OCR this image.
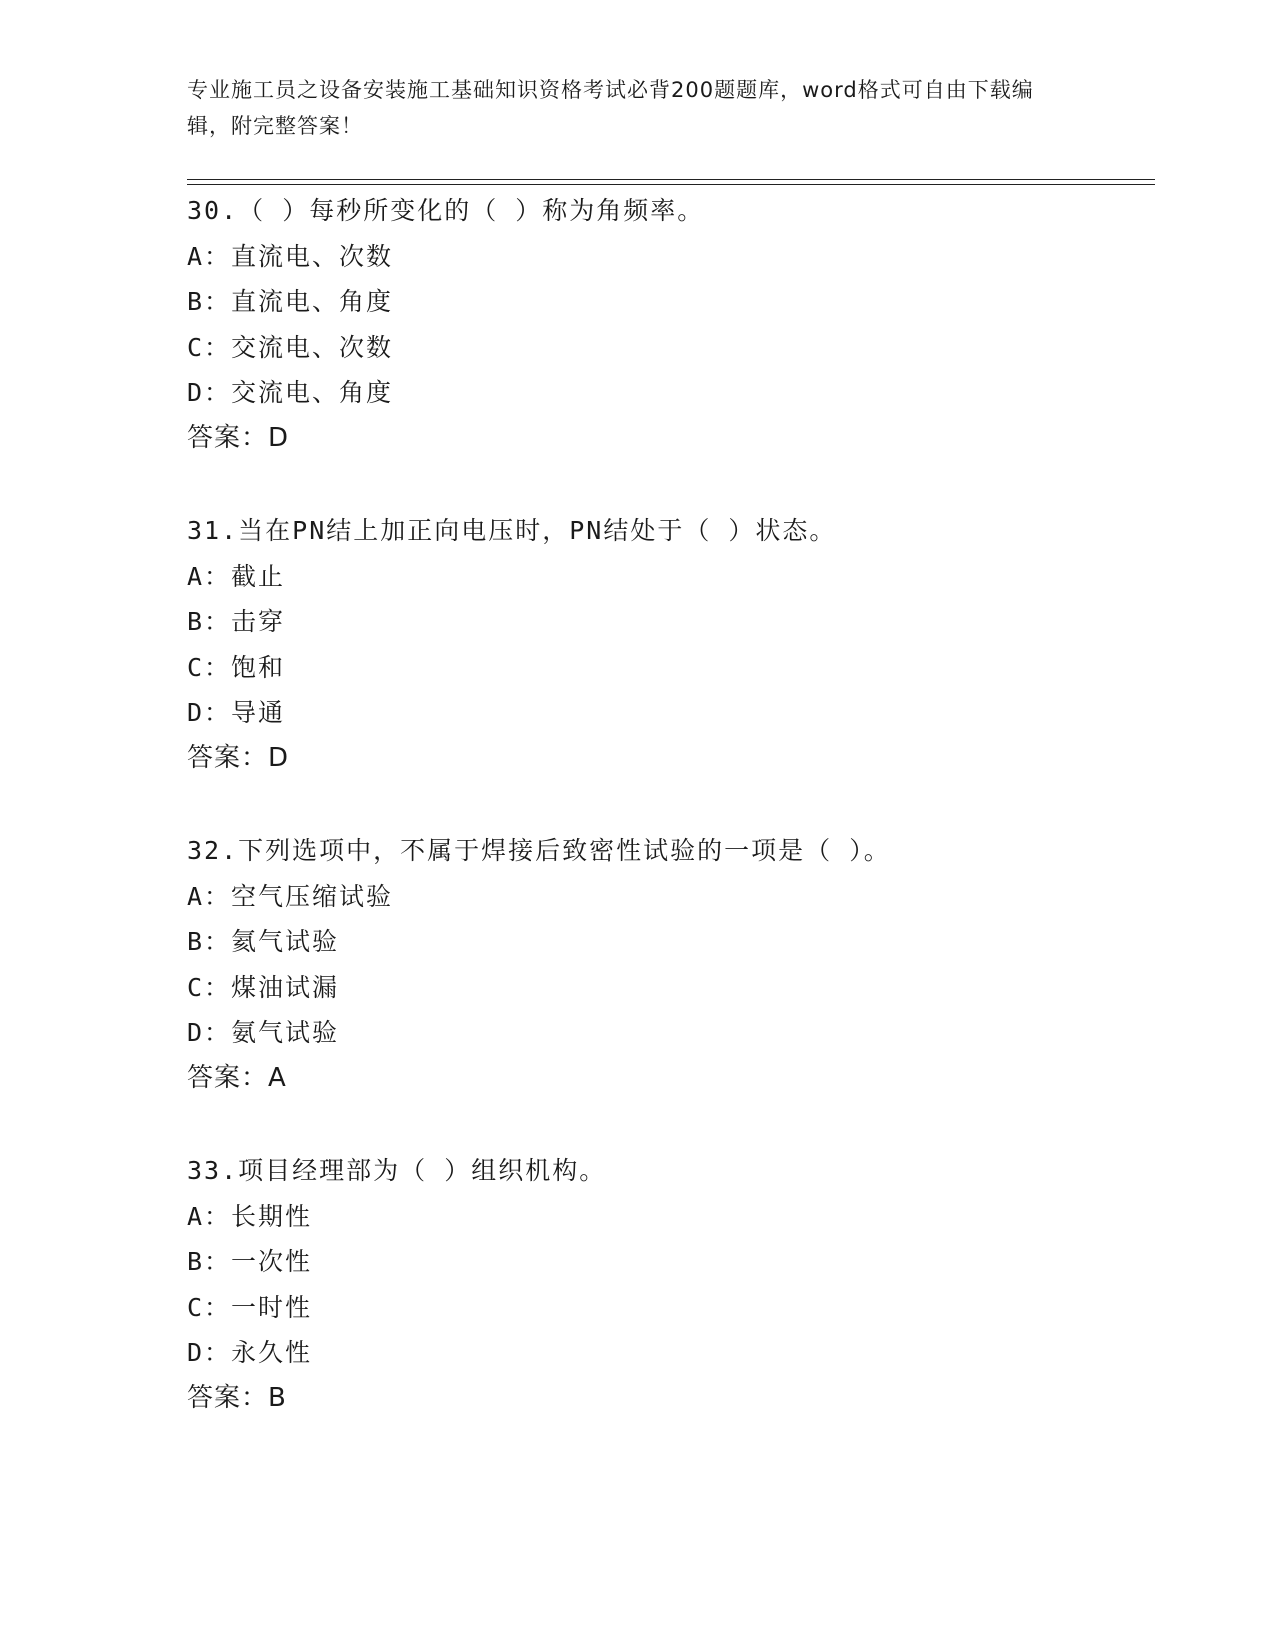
专业施工员之设备安装施工基础知识资格考试必背200题题库，word格式可自由下载编辑，附完整答案！
30.（ ）每秒所变化的（ ）称为角频率。
A：直流电、次数
B：直流电、角度
C：交流电、次数
D：交流电、角度
答案：D
31.当在PN结上加正向电压时，PN结处于（ ）状态。
A：截止
B：击穿
C：饱和
D：导通
答案：D
32.下列选项中，不属于焊接后致密性试验的一项是（ ）。
A：空气压缩试验
B：氦气试验
C：煤油试漏
D：氨气试验
答案：A
33.项目经理部为（ ）组织机构。
A：长期性
B：一次性
C：一时性
D：永久性
答案：B
